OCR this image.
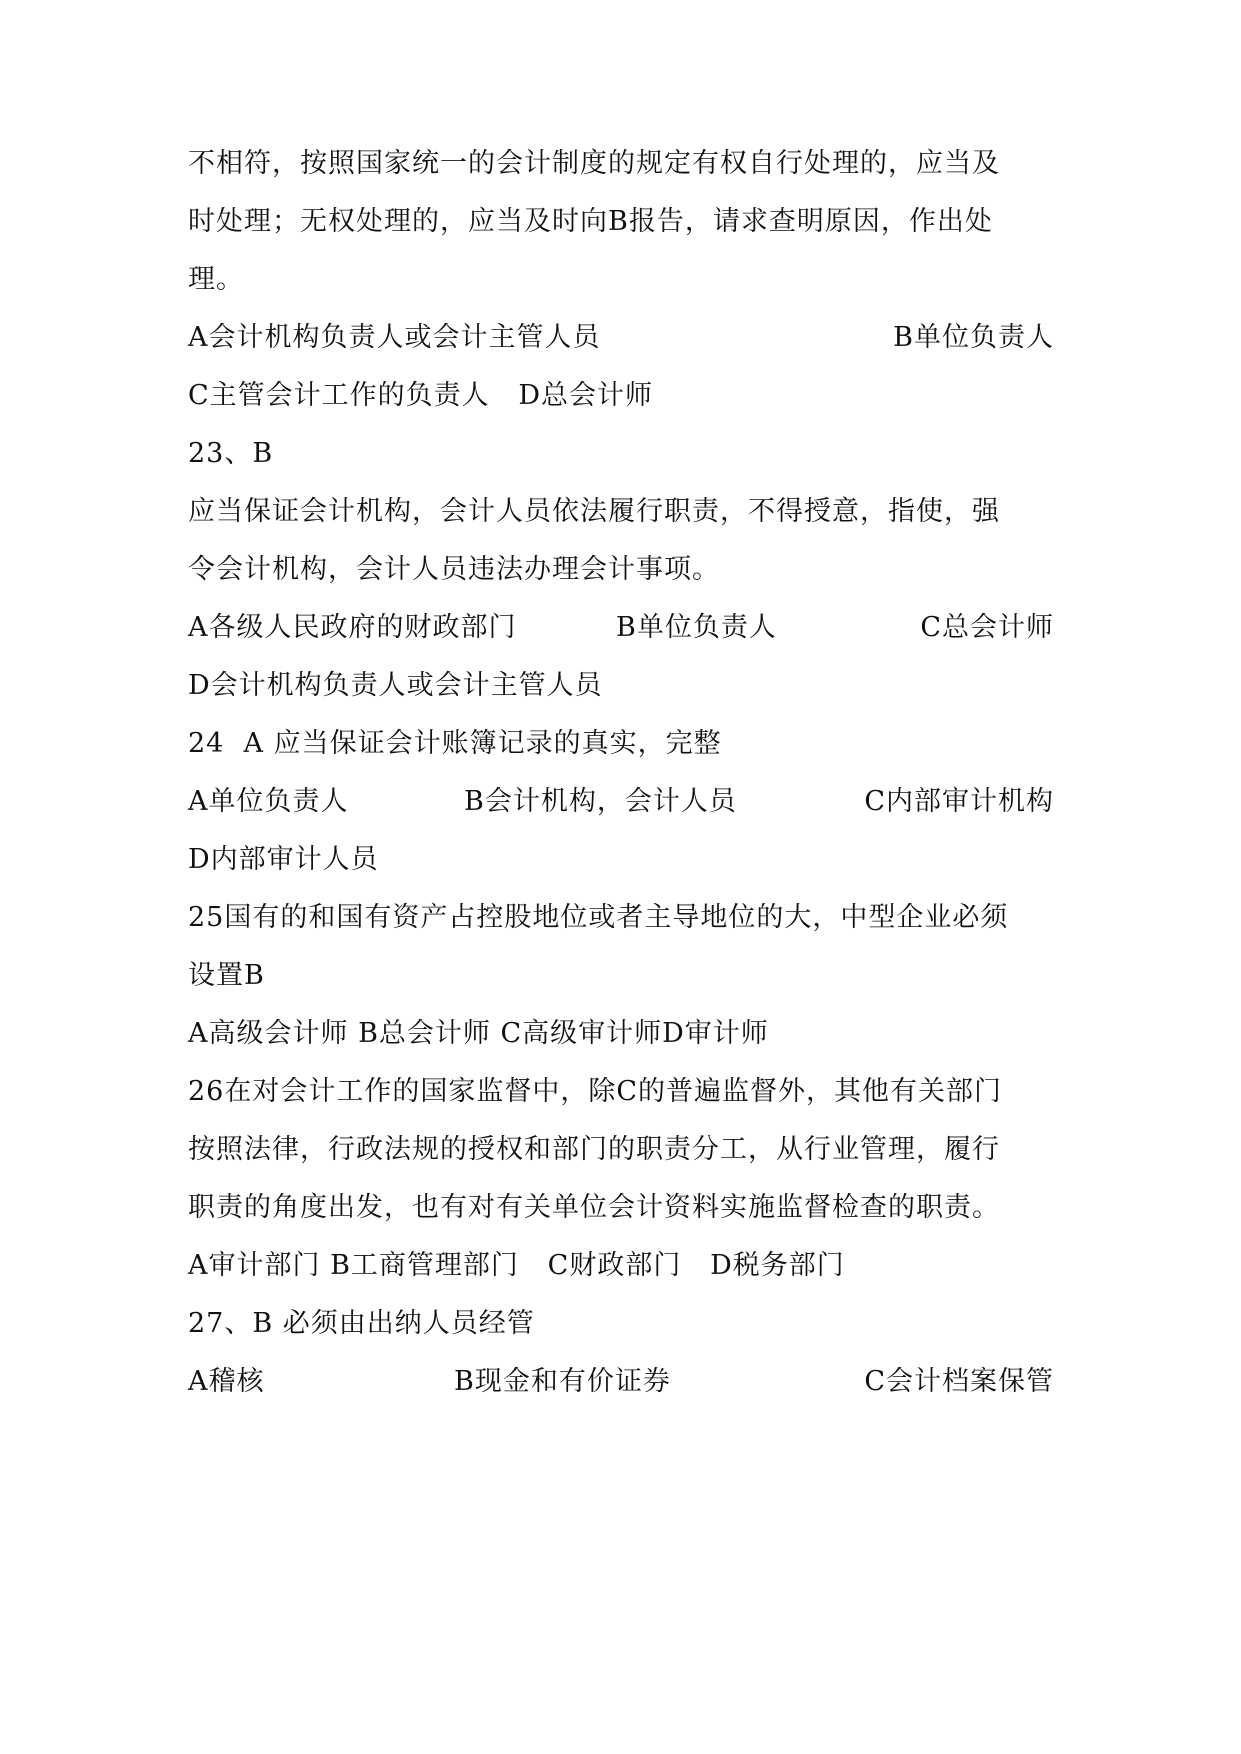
不相符，按照国家统一的会计制度的规定有权自行处理的，应当及
时处理；无权处理的，应当及时向B报告，请求查明原因，作出处
理。

A会计机构负责人或会计主管人员

	B单位负责人

C主管会计工作的负责人   D总会计师
23、B
应当保证会计机构，会计人员依法履行职责，不得授意，指使，强
令会计机构，会计人员违法办理会计事项。

A各级人民政府的财政部门

	B单位负责人

	C总会计师

D会计机构负责人或会计主管人员
24  A 应当保证会计账簿记录的真实，完整

A单位负责人

	B会计机构，会计人员

	C内部审计机构

D内部审计人员
25国有的和国有资产占控股地位或者主导地位的大，中型企业必须
设置B
A高级会计师 B总会计师 C高级审计师D审计师
26在对会计工作的国家监督中，除C的普遍监督外，其他有关部门
按照法律，行政法规的授权和部门的职责分工，从行业管理，履行
职责的角度出发，也有对有关单位会计资料实施监督检查的职责。
A审计部门 B工商管理部门   C财政部门   D税务部门
27、B 必须由出纳人员经管

A稽核

	B现金和有价证券

	C会计档案保管
